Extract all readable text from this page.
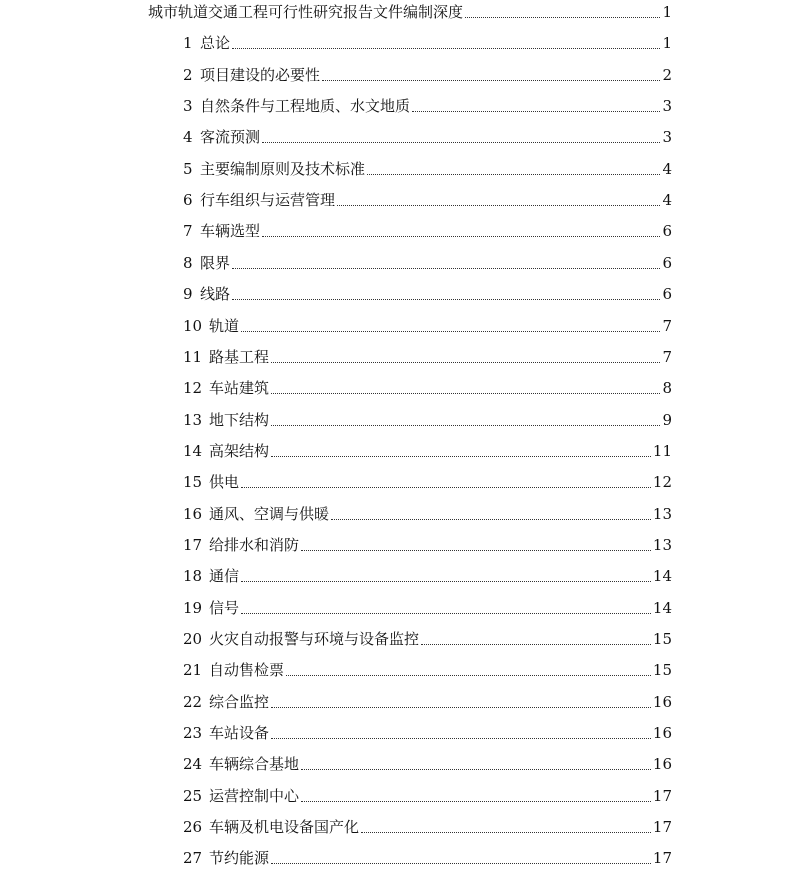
城市轨道交通工程可行性研究报告文件编制深度	1
1 总论	1
2 项目建设的必要性	2
3 自然条件与工程地质、水文地质	3
4 客流预测	3
5 主要编制原则及技术标准	4
6 行车组织与运营管理	4
7 车辆选型	6
8 限界	6
9 线路	6
10 轨道	7
11 路基工程	7
12 车站建筑	8
13 地下结构	9
14 高架结构	11
15 供电	12
16 通风、空调与供暖	13
17 给排水和消防	13
18 通信	14
19 信号	14
20 火灾自动报警与环境与设备监控	15
21 自动售检票	15
22 综合监控	16
23 车站设备	16
24 车辆综合基地	16
25 运营控制中心	17
26 车辆及机电设备国产化	17
27 节约能源	17
